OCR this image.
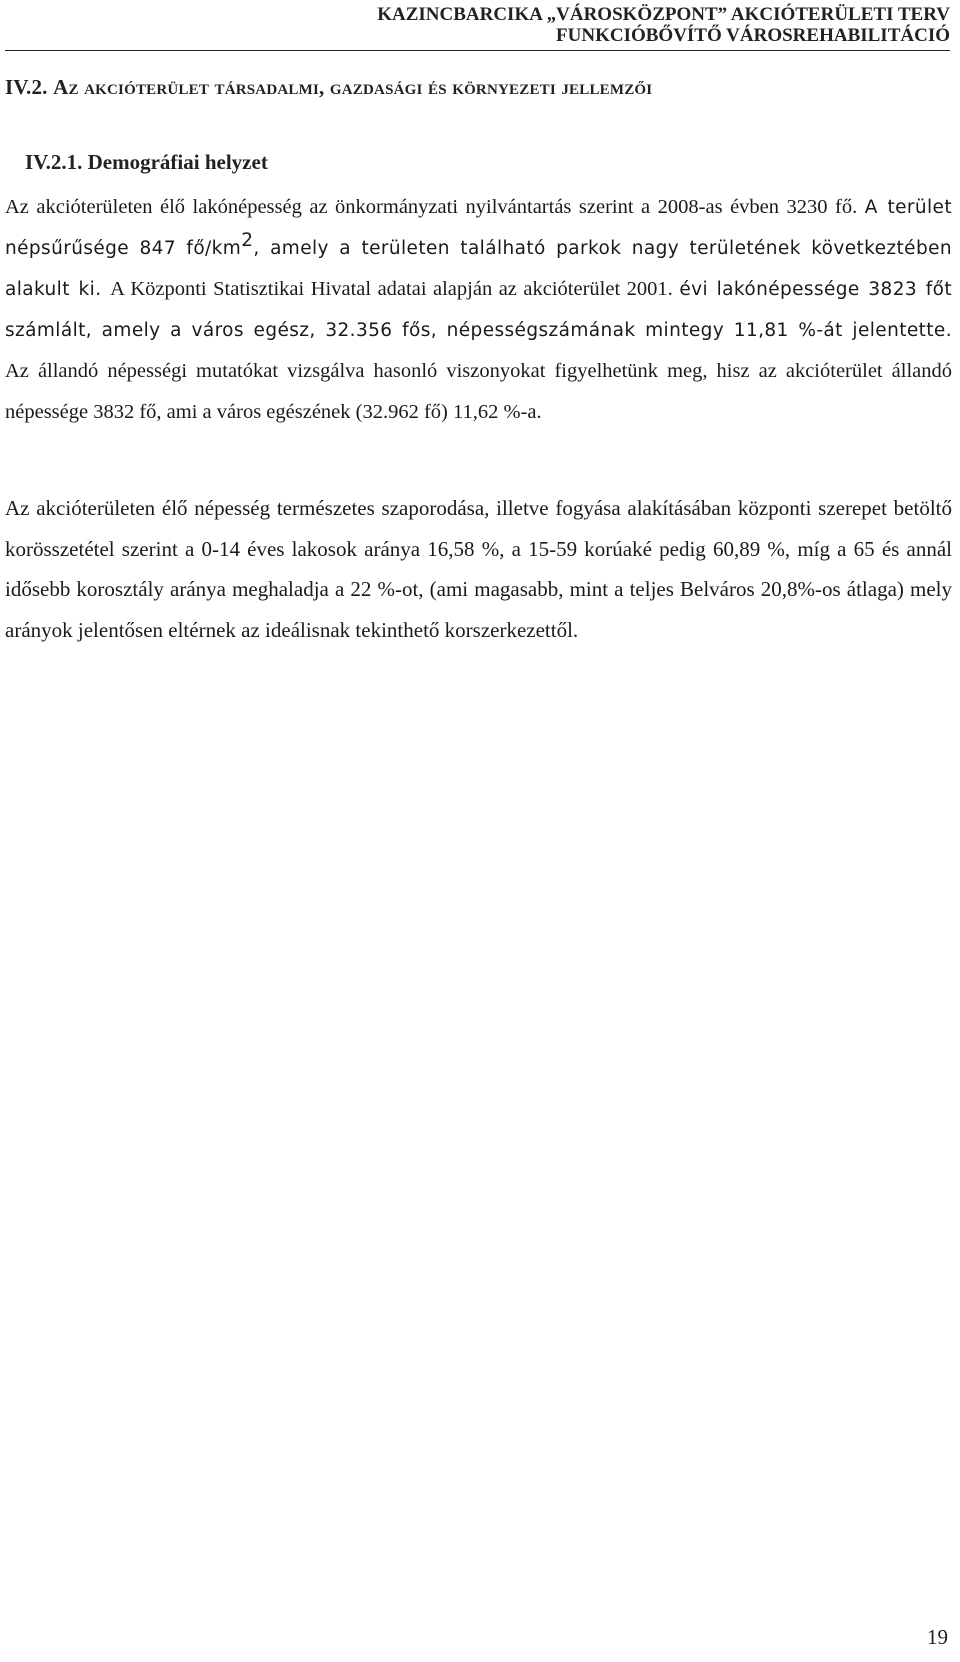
KAZINCBARCIKA „VÁROSKÖZPONT” AKCIÓTERÜLETI TERV
FUNKCIÓBŐVÍTŐ VÁROSREHABILITÁCIÓ
IV.2. Az akcióterület társadalmi, gazdasági és környezeti jellemzői
IV.2.1. Demográfiai helyzet

Az akcióterületen élő lakónépesség az önkormányzati nyilvántartás szerint a 2008-as évben 3230 fő. A terület népsűrűsége 847 $fő/km^2$, amely a területen található parkok nagy területének következtében alakult ki. A Központi Statisztikai Hivatal adatai alapján az akcióterület 2001. évi lakónépessége 3823 főt számlált, amely a város egész, 32.356 fős, népességszámának mintegy 11,81 %-át jelentette. Az állandó népességi mutatókat vizsgálva hasonló viszonyokat figyelhetünk meg, hisz az akcióterület állandó népessége 3832 fő, ami a város egészének (32.962 fő) 11,62 %-a.

Az akcióterületen élő népesség természetes szaporodása, illetve fogyása alakításában központi szerepet betöltő korösszetétel szerint a 0-14 éves lakosok aránya 16,58 %, a 15-59 korúaké pedig 60,89 %, míg a 65 és annál idősebb korosztály aránya meghaladja a 22 %-ot, (ami magasabb, mint a teljes Belváros 20,8%-os átlaga) mely arányok jelentősen eltérnek az ideálisnak tekinthető korszerkezettől.

19
